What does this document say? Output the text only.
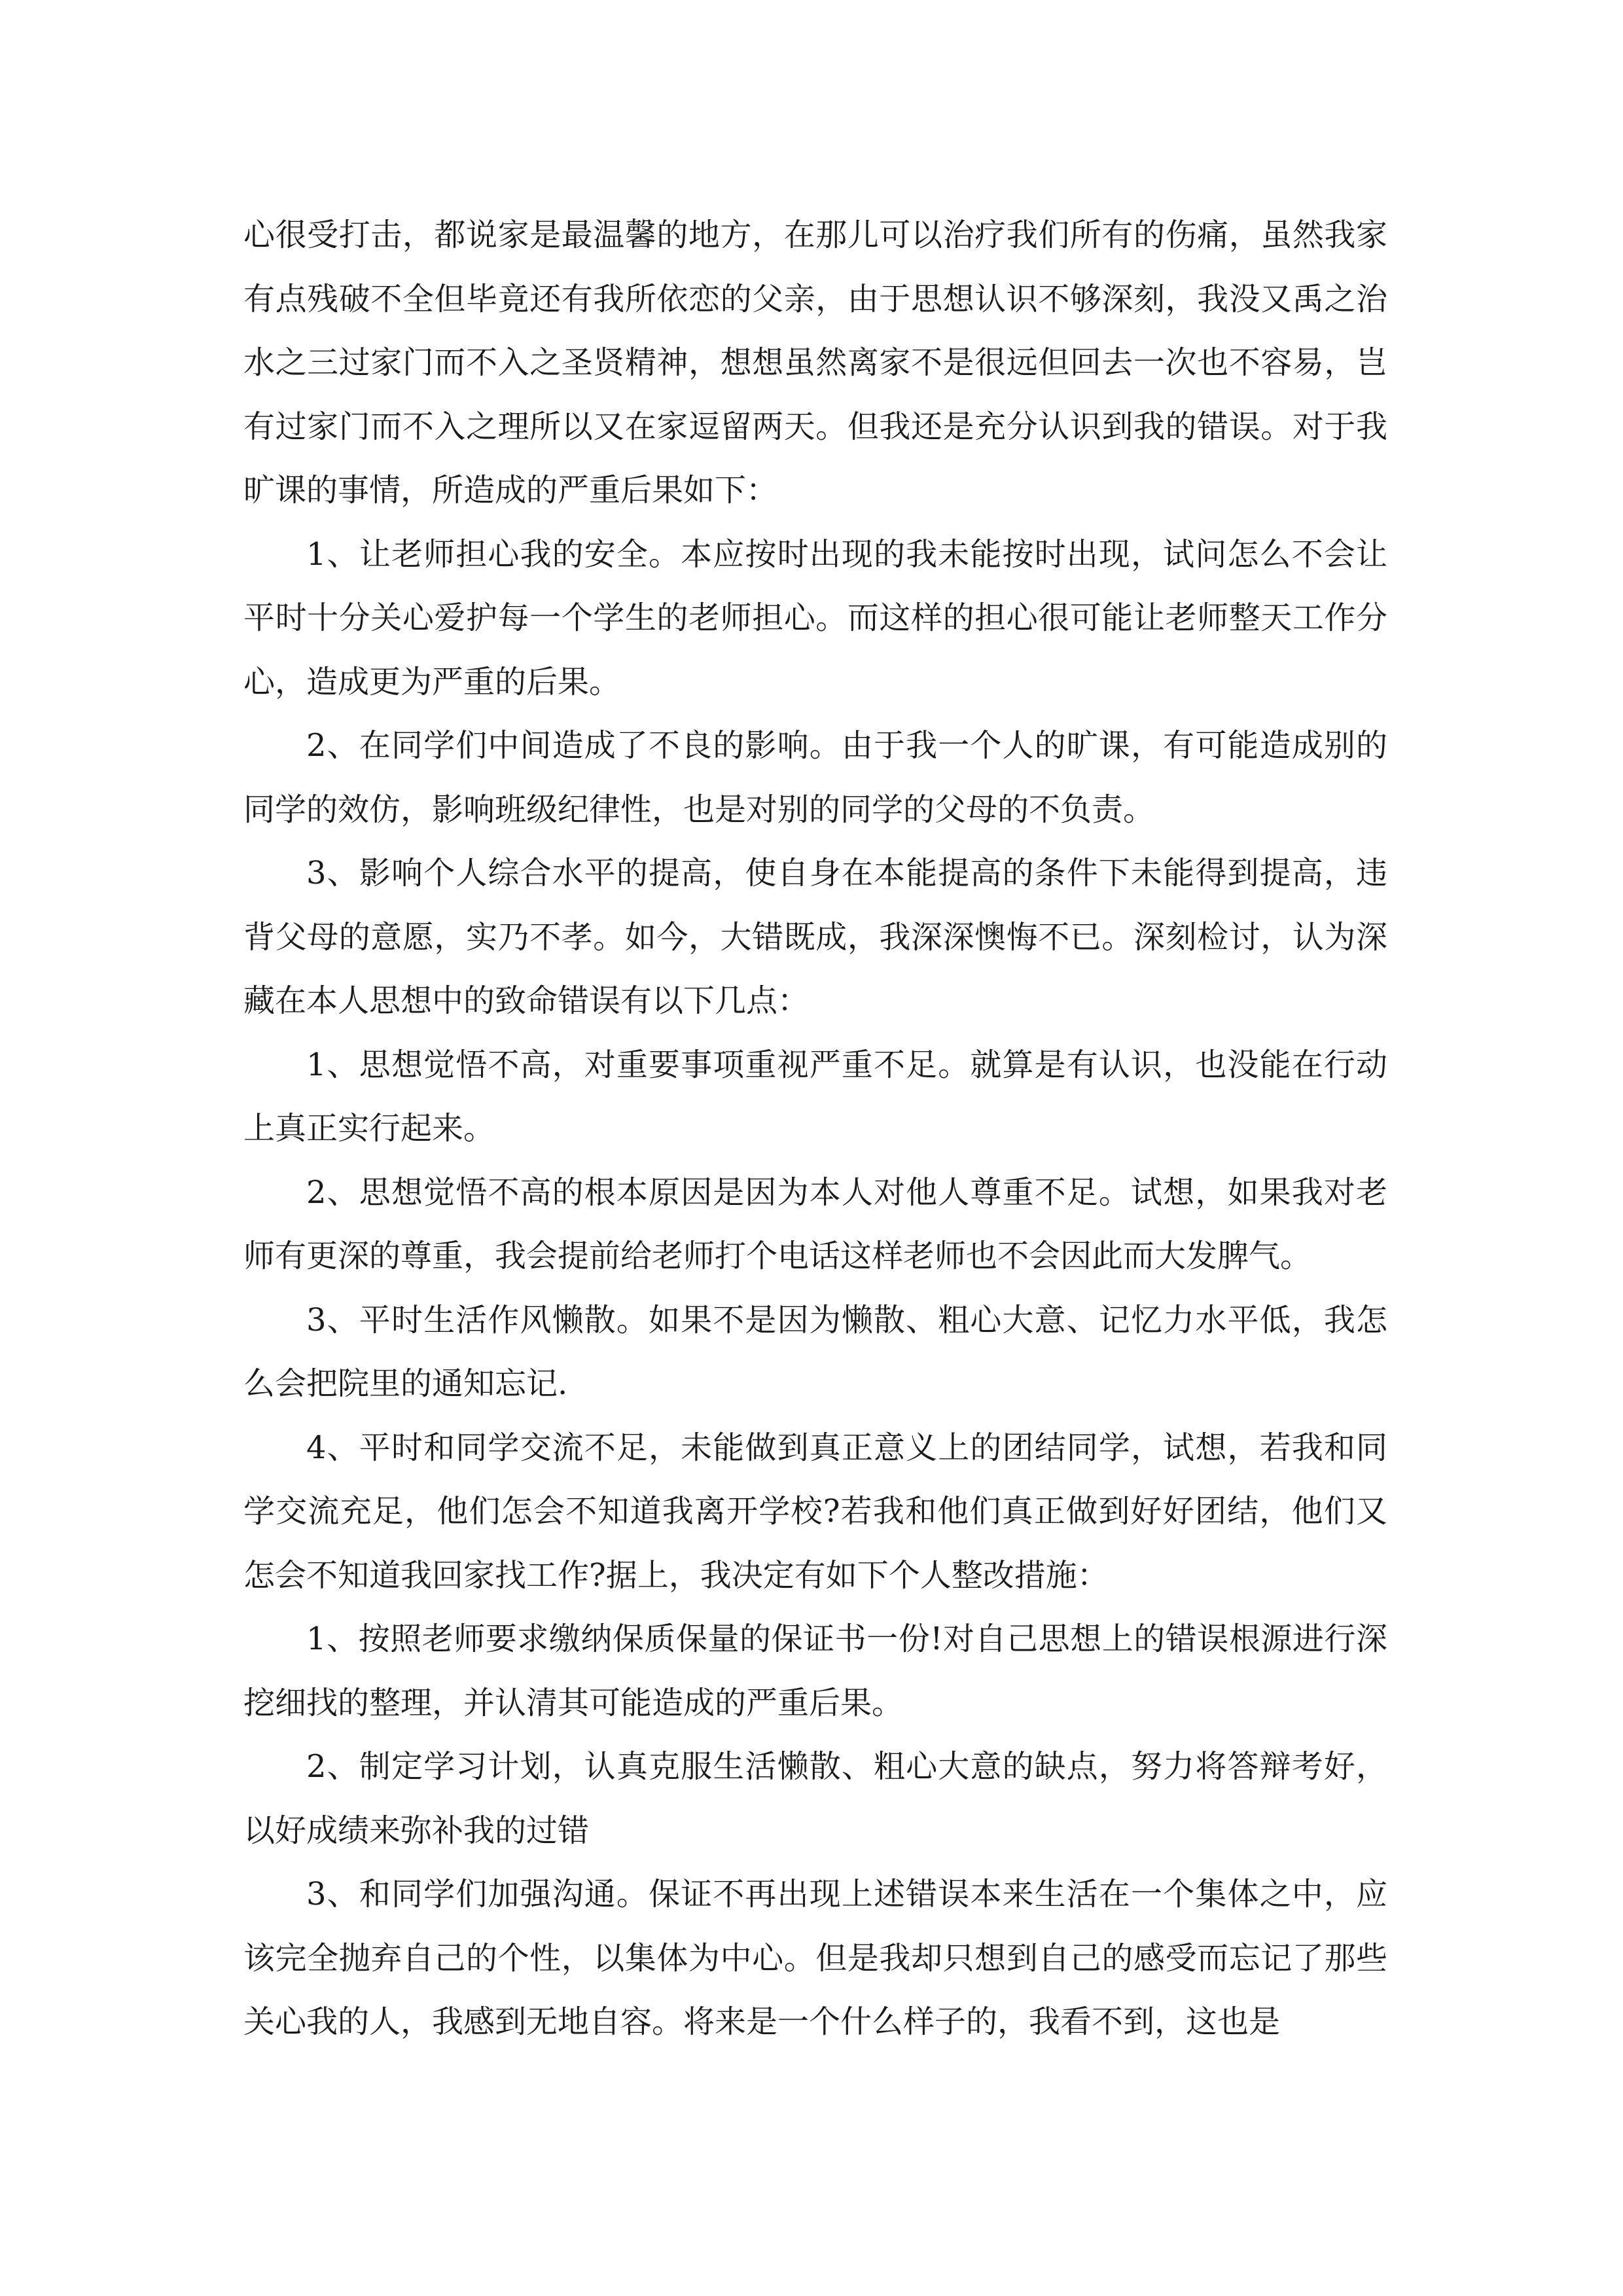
心很受打击，都说家是最温馨的地方，在那儿可以治疗我们所有的伤痛，虽然我家有点残破不全但毕竟还有我所依恋的父亲，由于思想认识不够深刻，我没又禹之治水之三过家门而不入之圣贤精神，想想虽然离家不是很远但回去一次也不容易，岂有过家门而不入之理所以又在家逗留两天。但我还是充分认识到我的错误。对于我旷课的事情，所造成的严重后果如下：

1、让老师担心我的安全。本应按时出现的我未能按时出现，试问怎么不会让平时十分关心爱护每一个学生的老师担心。而这样的担心很可能让老师整天工作分心，造成更为严重的后果。

2、在同学们中间造成了不良的影响。由于我一个人的旷课，有可能造成别的同学的效仿，影响班级纪律性，也是对别的同学的父母的不负责。

3、影响个人综合水平的提高，使自身在本能提高的条件下未能得到提高，违背父母的意愿，实乃不孝。如今，大错既成，我深深懊悔不已。深刻检讨，认为深藏在本人思想中的致命错误有以下几点：

1、思想觉悟不高，对重要事项重视严重不足。就算是有认识，也没能在行动上真正实行起来。

2、思想觉悟不高的根本原因是因为本人对他人尊重不足。试想，如果我对老师有更深的尊重，我会提前给老师打个电话这样老师也不会因此而大发脾气。

3、平时生活作风懒散。如果不是因为懒散、粗心大意、记忆力水平低，我怎么会把院里的通知忘记.

4、平时和同学交流不足，未能做到真正意义上的团结同学，试想，若我和同学交流充足，他们怎会不知道我离开学校?若我和他们真正做到好好团结，他们又怎会不知道我回家找工作?据上，我决定有如下个人整改措施：

1、按照老师要求缴纳保质保量的保证书一份!对自己思想上的错误根源进行深挖细找的整理，并认清其可能造成的严重后果。

2、制定学习计划，认真克服生活懒散、粗心大意的缺点，努力将答辩考好，以好成绩来弥补我的过错

3、和同学们加强沟通。保证不再出现上述错误本来生活在一个集体之中，应该完全抛弃自己的个性，以集体为中心。但是我却只想到自己的感受而忘记了那些关心我的人，我感到无地自容。将来是一个什么样子的，我看不到，这也是
